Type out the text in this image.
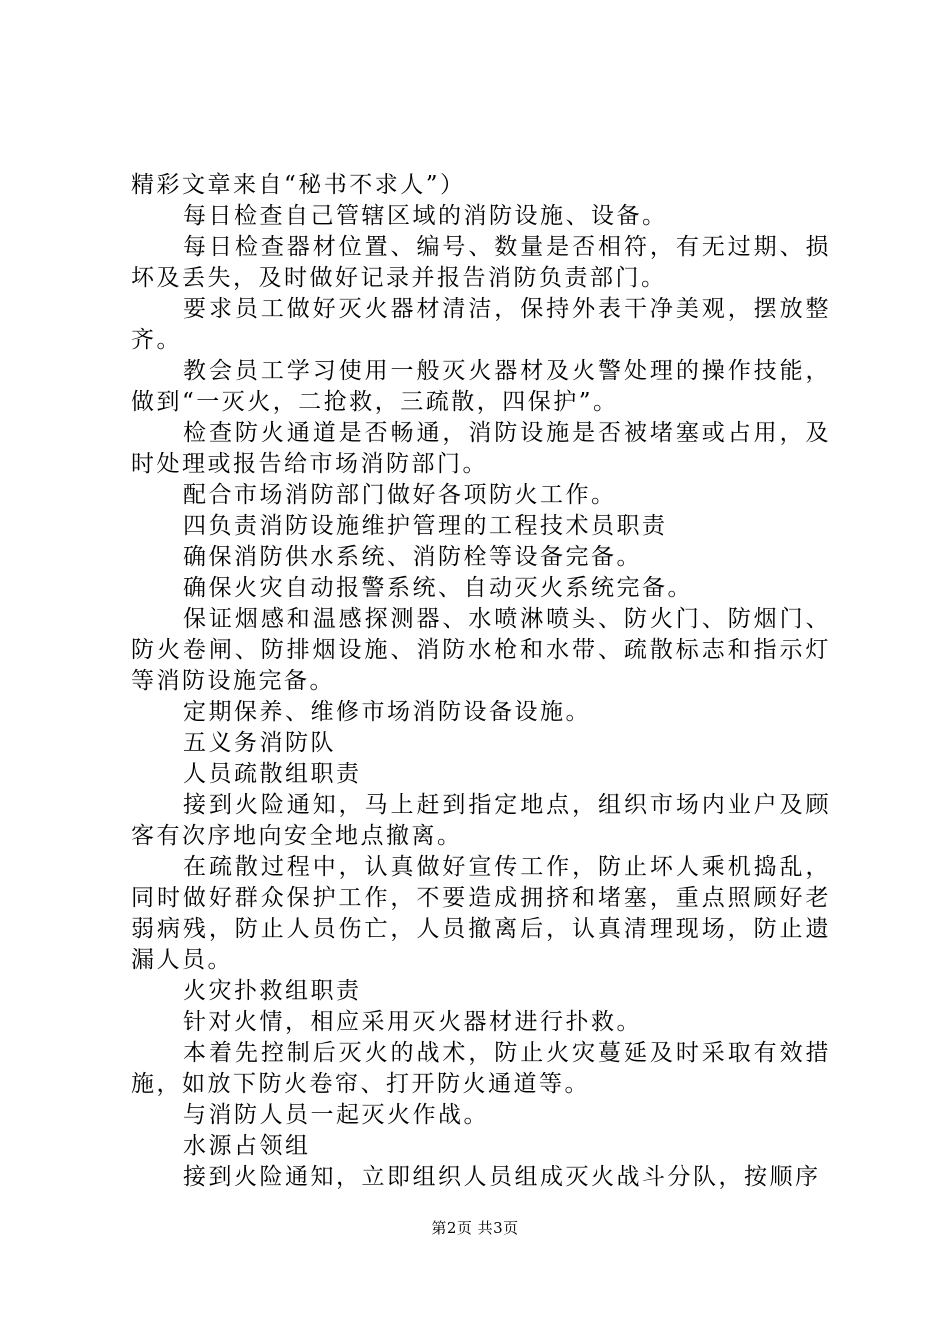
精彩文章来自“秘书不求人”）

每日检查自己管辖区域的消防设施、设备。

每日检查器材位置、编号、数量是否相符，有无过期、损坏及丢失，及时做好记录并报告消防负责部门。

要求员工做好灭火器材清洁，保持外表干净美观，摆放整齐。

教会员工学习使用一般灭火器材及火警处理的操作技能，做到“一灭火，二抢救，三疏散，四保护”。

检查防火通道是否畅通，消防设施是否被堵塞或占用，及时处理或报告给市场消防部门。

配合市场消防部门做好各项防火工作。

四负责消防设施维护管理的工程技术员职责

确保消防供水系统、消防栓等设备完备。

确保火灾自动报警系统、自动灭火系统完备。

保证烟感和温感探测器、水喷淋喷头、防火门、防烟门、防火卷闸、防排烟设施、消防水枪和水带、疏散标志和指示灯等消防设施完备。

定期保养、维修市场消防设备设施。

五义务消防队

人员疏散组职责

接到火险通知，马上赶到指定地点，组织市场内业户及顾客有次序地向安全地点撤离。

在疏散过程中，认真做好宣传工作，防止坏人乘机捣乱，同时做好群众保护工作，不要造成拥挤和堵塞，重点照顾好老弱病残，防止人员伤亡，人员撤离后，认真清理现场，防止遗漏人员。

火灾扑救组职责

针对火情，相应采用灭火器材进行扑救。

本着先控制后灭火的战术，防止火灾蔓延及时采取有效措施，如放下防火卷帘、打开防火通道等。

与消防人员一起灭火作战。

水源占领组

接到火险通知，立即组织人员组成灭火战斗分队，按顺序

第2页 共3页
